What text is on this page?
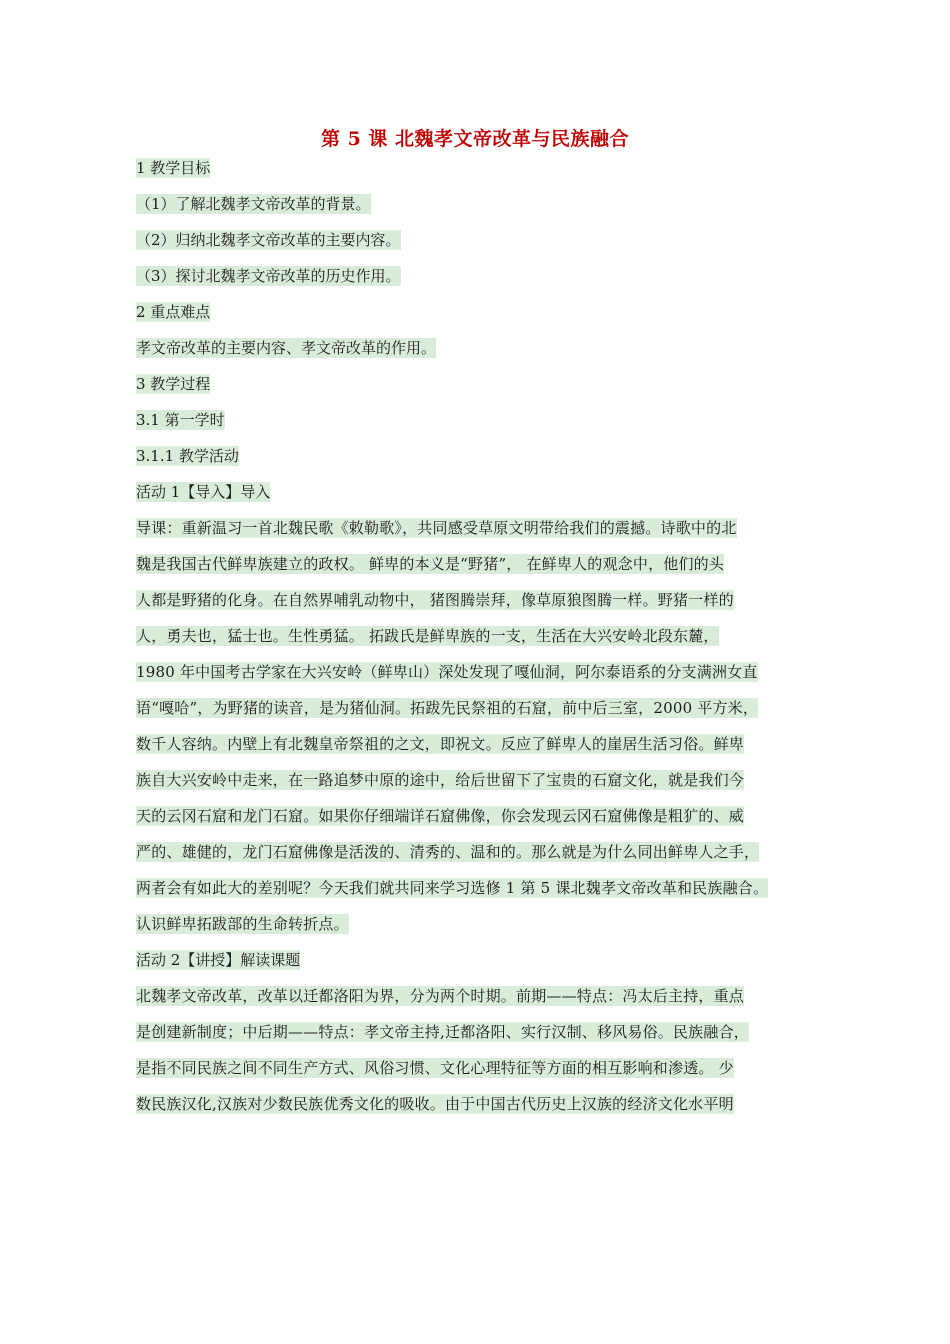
第 5 课 北魏孝文帝改革与民族融合
1 教学目标
（1）了解北魏孝文帝改革的背景。
（2）归纳北魏孝文帝改革的主要内容。
（3）探讨北魏孝文帝改革的历史作用。
2 重点难点
孝文帝改革的主要内容、孝文帝改革的作用。
3 教学过程
3.1 第一学时
3.1.1 教学活动
活动 1【导入】导入
导课：重新温习一首北魏民歌《敕勒歌》，共同感受草原文明带给我们的震撼。诗歌中的北
魏是我国古代鲜卑族建立的政权。 鲜卑的本义是“野猪”， 在鲜卑人的观念中，他们的头
人都是野猪的化身。在自然界哺乳动物中， 猪图腾崇拜，像草原狼图腾一样。野猪一样的
人，勇夫也，猛士也。生性勇猛。 拓跋氏是鲜卑族的一支，生活在大兴安岭北段东麓，
1980 年中国考古学家在大兴安岭（鲜卑山）深处发现了嘎仙洞，阿尔泰语系的分支满洲女直
语“嘎哈”，为野猪的读音，是为猪仙洞。拓跋先民祭祖的石窟，前中后三室，2000 平方米，
数千人容纳。内壁上有北魏皇帝祭祖的之文，即祝文。反应了鲜卑人的崖居生活习俗。鲜卑
族自大兴安岭中走来，在一路追梦中原的途中，给后世留下了宝贵的石窟文化，就是我们今
天的云冈石窟和龙门石窟。如果你仔细端详石窟佛像，你会发现云冈石窟佛像是粗犷的、威
严的、雄健的，龙门石窟佛像是活泼的、清秀的、温和的。那么就是为什么同出鲜卑人之手，
两者会有如此大的差别呢？今天我们就共同来学习选修 1 第 5 课北魏孝文帝改革和民族融合。
认识鲜卑拓跋部的生命转折点。
活动 2【讲授】解读课题
北魏孝文帝改革，改革以迁都洛阳为界，分为两个时期。前期——特点：冯太后主持，重点
是创建新制度；中后期——特点：孝文帝主持,迁都洛阳、实行汉制、移风易俗。民族融合，
是指不同民族之间不同生产方式、风俗习惯、文化心理特征等方面的相互影响和渗透。 少
数民族汉化,汉族对少数民族优秀文化的吸收。由于中国古代历史上汉族的经济文化水平明
